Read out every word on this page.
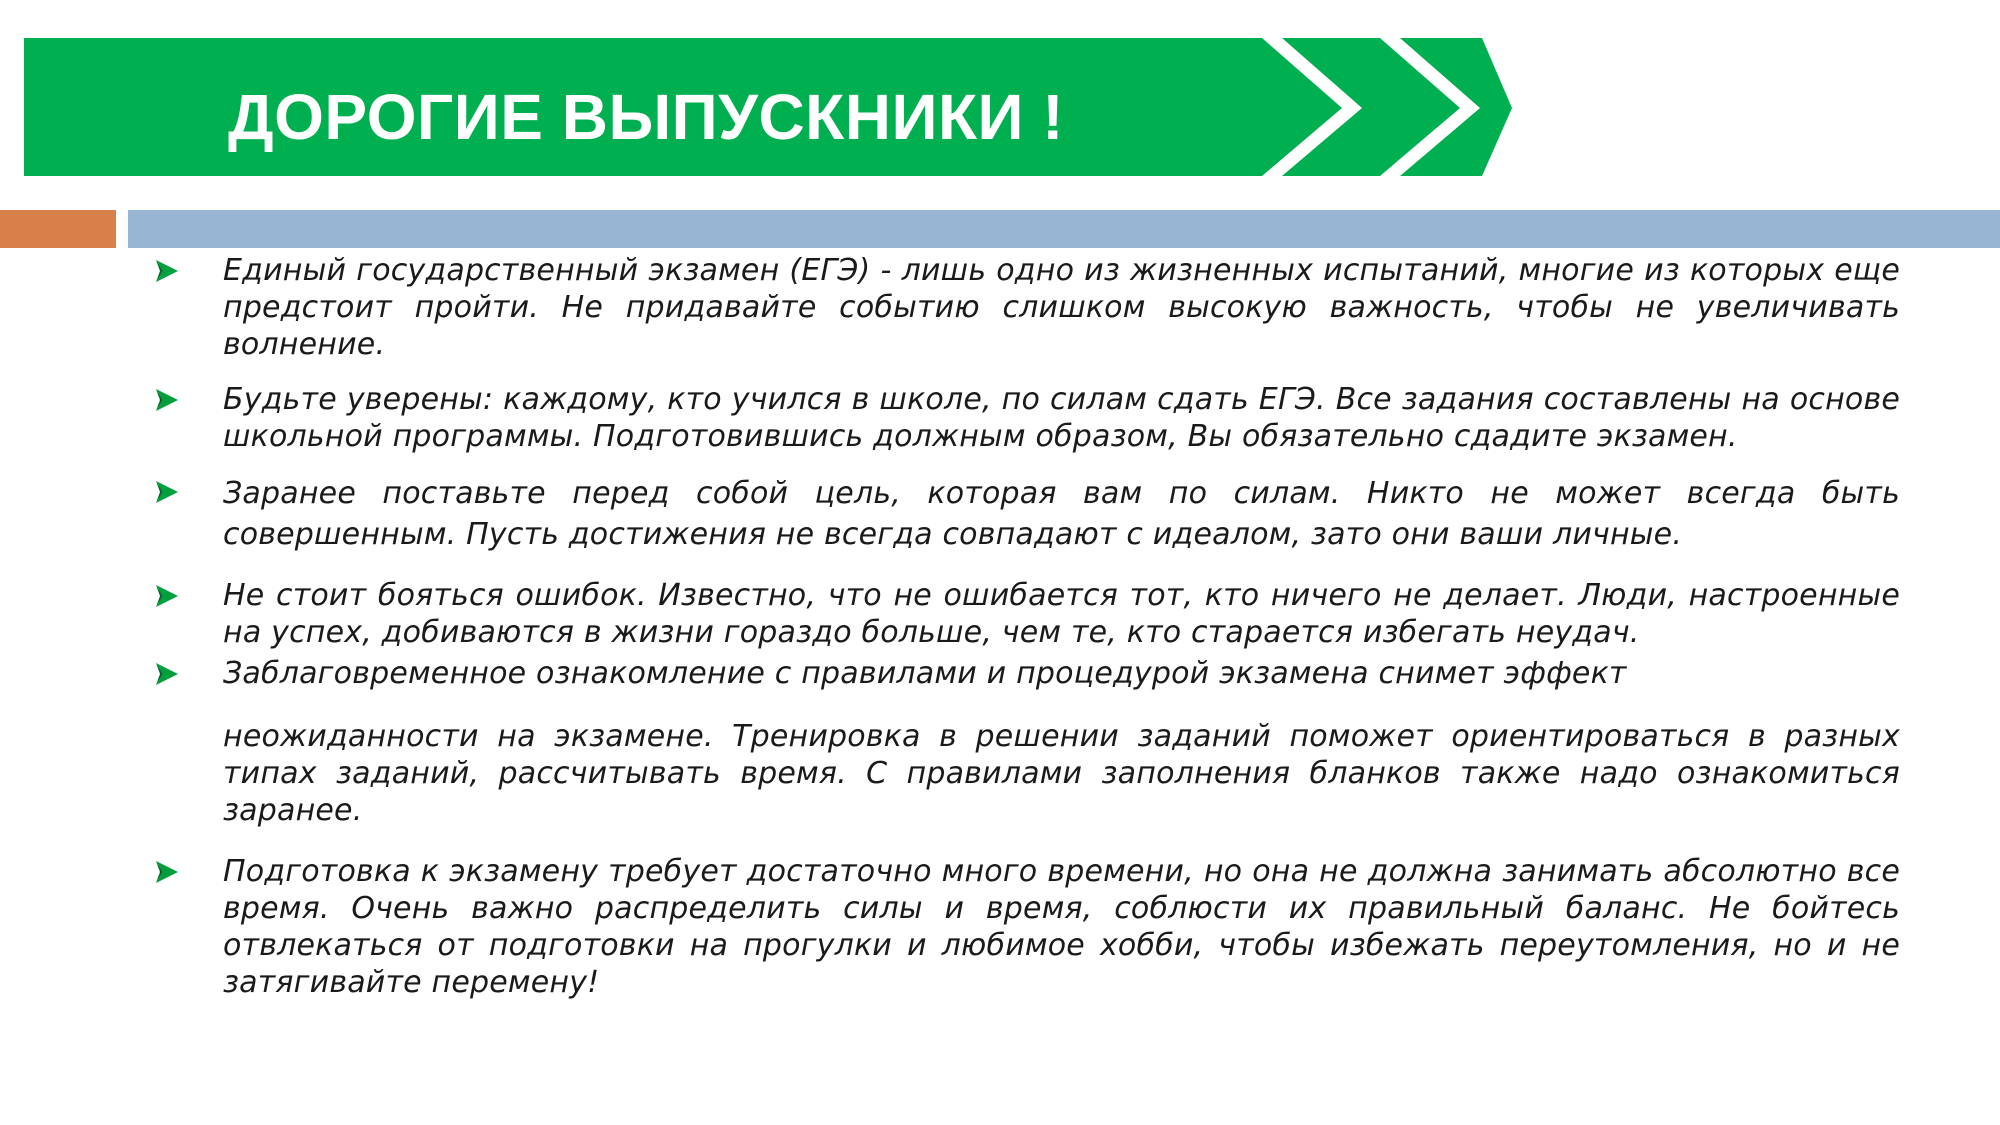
ДОРОГИЕ ВЫПУСКНИКИ !

Единый государственный экзамен (ЕГЭ) - лишь одно из жизненных испытаний, многие из которых еще предстоит пройти. Не придавайте событию слишком высокую важность, чтобы не увеличивать волнение.

Будьте уверены: каждому, кто учился в школе, по силам сдать ЕГЭ. Все задания составлены на основе школьной программы. Подготовившись должным образом, Вы обязательно сдадите экзамен.

Заранее поставьте перед собой цель, которая вам по силам. Никто не может всегда быть совершенным. Пусть достижения не всегда совпадают с идеалом, зато они ваши личные.

Не стоит бояться ошибок. Известно, что не ошибается тот, кто ничего не делает. Люди, настроенные на успех, добиваются в жизни гораздо больше, чем те, кто старается избегать неудач.

Заблаговременное ознакомление с правилами и процедурой экзамена снимет эффект
неожиданности на экзамене. Тренировка в решении заданий поможет ориентироваться в разных типах заданий, рассчитывать время. С правилами заполнения бланков также надо ознакомиться заранее.

Подготовка к экзамену требует достаточно много времени, но она не должна занимать абсолютно все время. Очень важно распределить силы и время, соблюсти их правильный баланс. Не бойтесь отвлекаться от подготовки на прогулки и любимое хобби, чтобы избежать переутомления, но и не затягивайте перемену!
